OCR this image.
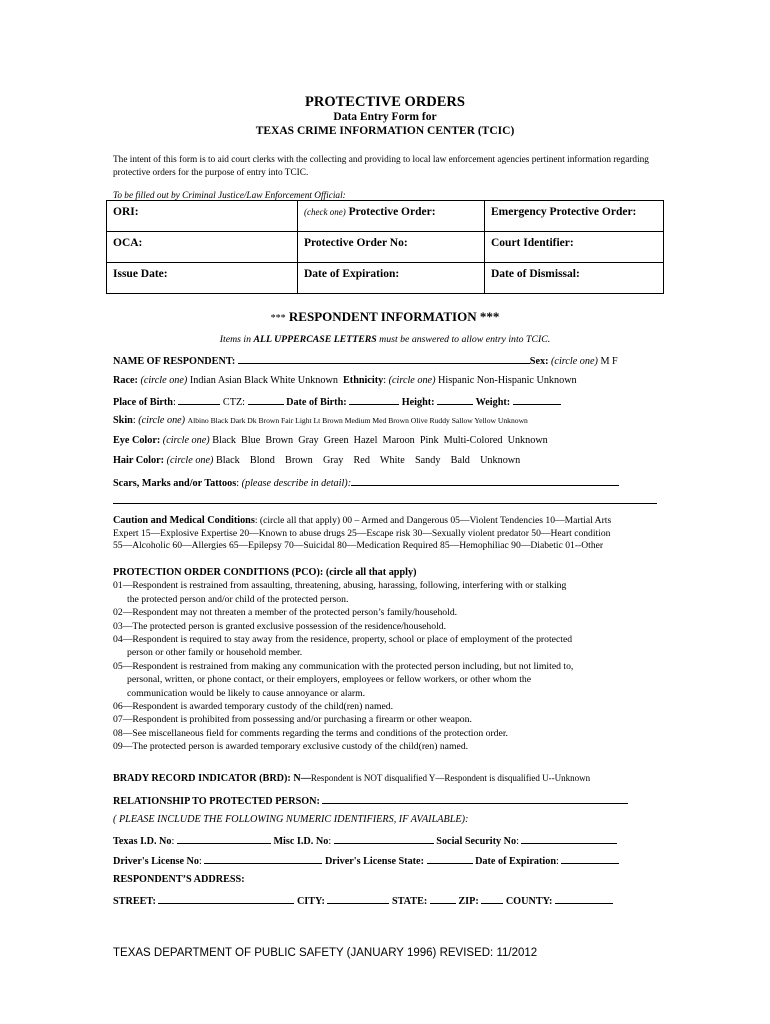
PROTECTIVE ORDERS
Data Entry Form for
TEXAS CRIME INFORMATION CENTER (TCIC)
The intent of this form is to aid court clerks with the collecting and providing to local law enforcement agencies pertinent information regarding protective orders for the purpose of entry into TCIC.
To be filled out by Criminal Justice/Law Enforcement Official:
ORI:	(check one) Protective Order:	Emergency Protective Order:
OCA:	Protective Order No:	Court Identifier:
Issue Date:	Date of Expiration:	Date of Dismissal:
*** RESPONDENT INFORMATION ***
Items in ALL UPPERCASE LETTERS must be answered to allow entry into TCIC.
NAME OF RESPONDENT:	Sex: (circle one) M F
Race: (circle one) Indian Asian Black White Unknown Ethnicity: (circle one) Hispanic Non-Hispanic Unknown
Place of Birth:	CTZ:	Date of Birth:	Height:	Weight:
Skin: (circle one) Albino Black Dark Dk Brown Fair Light Lt Brown Medium Med Brown Olive Ruddy Sallow Yellow Unknown
Eye Color: (circle one) Black  Blue  Brown  Gray  Green  Hazel  Maroon  Pink  Multi-Colored  Unknown
Hair Color: (circle one) Black    Blond    Brown    Gray    Red    White    Sandy    Bald    Unknown
Scars, Marks and/or Tattoos: (please describe in detail):
Caution and Medical Conditions: (circle all that apply) 00 – Armed and Dangerous 05—Violent Tendencies 10—Martial Arts
Expert 15—Explosive Expertise 20—Known to abuse drugs 25—Escape risk 30—Sexually violent predator 50—Heart condition
55—Alcoholic 60—Allergies 65—Epilepsy 70—Suicidal 80—Medication Required 85—Hemophiliac 90—Diabetic 01--Other
PROTECTION ORDER CONDITIONS (PCO): (circle all that apply)
01—Respondent is restrained from assaulting, threatening, abusing, harassing, following, interfering with or stalking
the protected person and/or child of the protected person.
02—Respondent may not threaten a member of the protected person’s family/household.
03—The protected person is granted exclusive possession of the residence/household.
04—Respondent is required to stay away from the residence, property, school or place of employment of the protected
person or other family or household member.
05—Respondent is restrained from making any communication with the protected person including, but not limited to,
personal, written, or phone contact, or their employers, employees or fellow workers, or other whom the
communication would be likely to cause annoyance or alarm.
06—Respondent is awarded temporary custody of the child(ren) named.
07—Respondent is prohibited from possessing and/or purchasing a firearm or other weapon.
08—See miscellaneous field for comments regarding the terms and conditions of the protection order.
09—The protected person is awarded temporary exclusive custody of the child(ren) named.
BRADY RECORD INDICATOR (BRD): N—Respondent is NOT disqualified Y—Respondent is disqualified U--Unknown
RELATIONSHIP TO PROTECTED PERSON:
( PLEASE INCLUDE THE FOLLOWING NUMERIC IDENTIFIERS, IF AVAILABLE):
Texas I.D. No:	Misc I.D. No:	Social Security No:
Driver's License No:	Driver's License State:	Date of Expiration:
RESPONDENT’S ADDRESS:
STREET:	CITY:	STATE:	ZIP:	COUNTY:
TEXAS DEPARTMENT OF PUBLIC SAFETY (JANUARY 1996) REVISED: 11/2012
